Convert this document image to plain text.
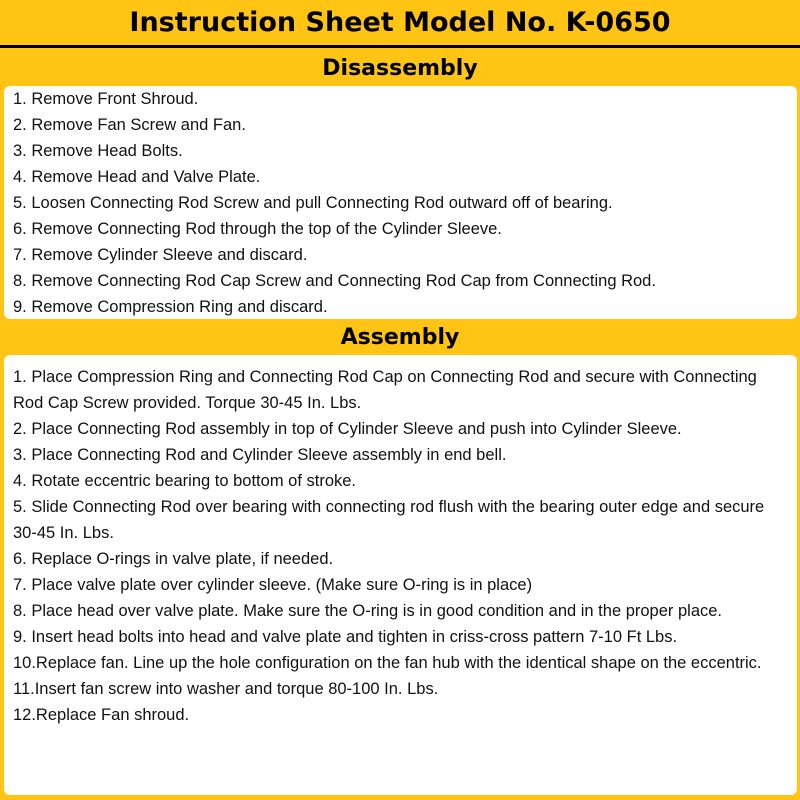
Instruction Sheet Model No. K-0650
Disassembly
1. Remove Front Shroud.
2. Remove Fan Screw and Fan.
3. Remove Head Bolts.
4. Remove Head and Valve Plate.
5. Loosen Connecting Rod Screw and pull Connecting Rod outward off of bearing.
6. Remove Connecting Rod through the top of the Cylinder Sleeve.
7. Remove Cylinder Sleeve and discard.
8. Remove Connecting Rod Cap Screw and Connecting Rod Cap from Connecting Rod.
9. Remove Compression Ring and discard.
Assembly
1. Place Compression Ring and Connecting Rod Cap on Connecting Rod and secure with Connecting Rod Cap Screw provided. Torque 30-45 In. Lbs.
2. Place Connecting Rod assembly in top of Cylinder Sleeve and push into Cylinder Sleeve.
3. Place Connecting Rod and Cylinder Sleeve assembly in end bell.
4. Rotate eccentric bearing to bottom of stroke.
5. Slide Connecting Rod over bearing with connecting rod flush with the bearing outer edge and secure 30-45 In. Lbs.
6. Replace O-rings in valve plate, if needed.
7. Place valve plate over cylinder sleeve. (Make sure O-ring is in place)
8. Place head over valve plate. Make sure the O-ring is in good condition and in the proper place.
9. Insert head bolts into head and valve plate and tighten in criss-cross pattern 7-10 Ft Lbs.
10.Replace fan. Line up the hole configuration on the fan hub with the identical shape on the eccentric.
11.Insert fan screw into washer and torque 80-100 In. Lbs.
12.Replace Fan shroud.
